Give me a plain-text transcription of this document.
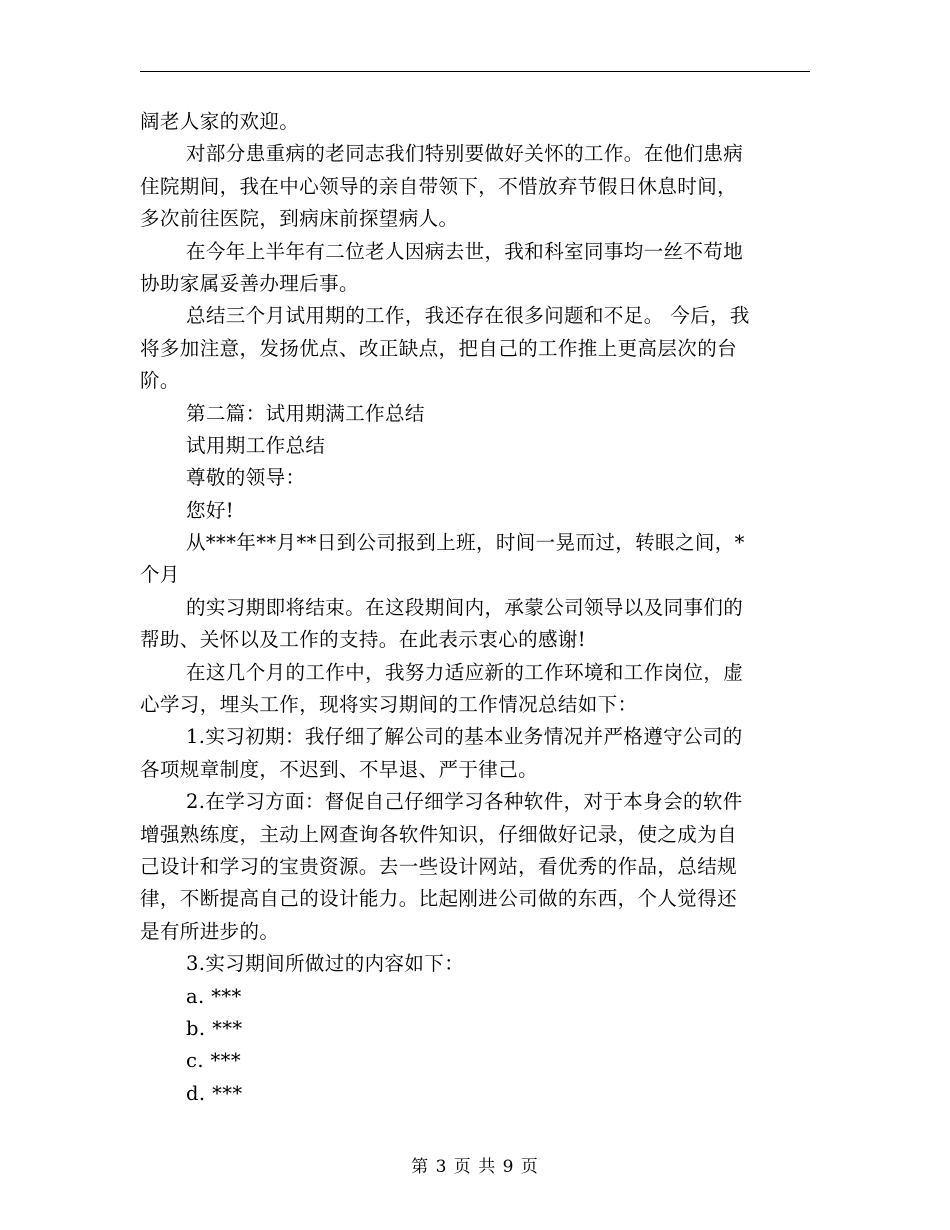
阔老人家的欢迎。
对部分患重病的老同志我们特别要做好关怀的工作。在他们患病
住院期间，我在中心领导的亲自带领下，不惜放弃节假日休息时间，
多次前往医院，到病床前探望病人。
在今年上半年有二位老人因病去世，我和科室同事均一丝不苟地
协助家属妥善办理后事。
总结三个月试用期的工作，我还存在很多问题和不足。 今后，我
将多加注意，发扬优点、改正缺点，把自己的工作推上更高层次的台
阶。
第二篇：试用期满工作总结
试用期工作总结
尊敬的领导：
您好!
从***年**月**日到公司报到上班，时间一晃而过，转眼之间，*
个月
的实习期即将结束。在这段期间内，承蒙公司领导以及同事们的
帮助、关怀以及工作的支持。在此表示衷心的感谢!
在这几个月的工作中，我努力适应新的工作环境和工作岗位，虚
心学习，埋头工作，现将实习期间的工作情况总结如下：
1.实习初期：我仔细了解公司的基本业务情况并严格遵守公司的
各项规章制度，不迟到、不早退、严于律己。
2.在学习方面：督促自己仔细学习各种软件，对于本身会的软件
增强熟练度，主动上网查询各软件知识，仔细做好记录，使之成为自
己设计和学习的宝贵资源。去一些设计网站，看优秀的作品，总结规
律，不断提高自己的设计能力。比起刚进公司做的东西，个人觉得还
是有所进步的。
3.实习期间所做过的内容如下：
a. ***
b. ***
c. ***
d. ***
第 3 页 共 9 页
